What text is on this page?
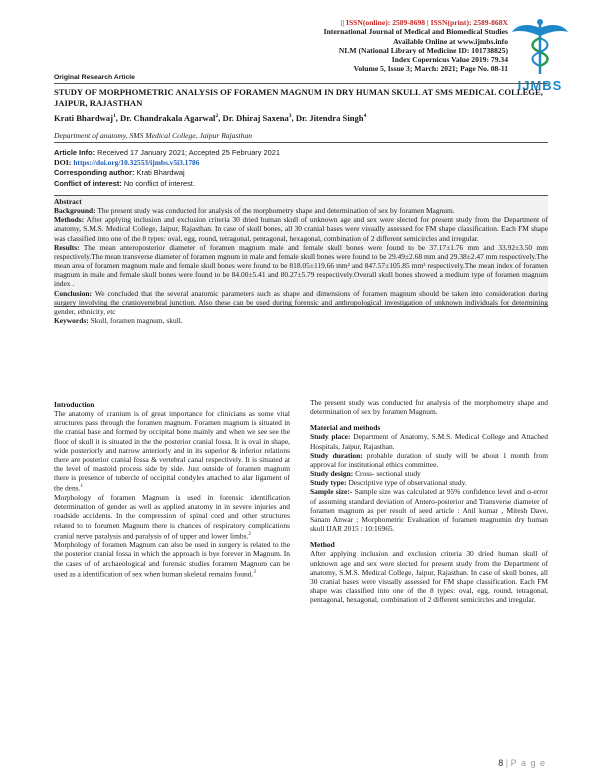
|| ISSN(online): 2589-8698 | ISSN(print): 2589-868X
International Journal of Medical and Biomedical Studies
Available Online at www.ijmbs.info
NLM (National Library of Medicine ID: 101738825)
Index Copernicus Value 2019: 79.34
Volume 5, Issue 3; March: 2021; Page No. 08-11
IJMBS
Original Research Article
STUDY OF MORPHOMETRIC ANALYSIS OF FORAMEN MAGNUM IN DRY HUMAN SKULL AT SMS MEDICAL COLLEGE, JAIPUR, RAJASTHAN
Krati Bhardwaj$^1$, Dr. Chandrakala Agarwal$^2$, Dr. Dhiraj Saxena$^3$, Dr. Jitendra Singh$^4$
Department of anatomy, SMS Medical College, Jaipur Rajasthan
Article Info: Received 17 January 2021; Accepted 25 February 2021
DOI: https://doi.org/10.32553/ijmbs.v5i3.1786
Corresponding author: Krati Bhardwaj
Conflict of interest: No conflict of interest.

Abstract

Background: The present study was conducted for analysis of the morphometry shape and determination of sex by foramen Magnum.

Methods: After applying inclusion and exclusion criteria 30 dried human skull of unknown age and sex were slected for present study from the Department of anatomy, S.M.S. Medical College, Jaipur, Rajasthan. In case of skull bones, all 30 cranial bases were visually assessed for FM shape classification. Each FM shape was classified into one of the 8 types: oval, egg, round, tetragonal, pentagonal, hexagonal, combination of 2 different semicircles and irregular.

Results: The mean anteroposterior diameter of foramen magnum male and female skull bones were found to be 37.17±1.76 mm and 33.92±3.50 mm respectively.The mean transverse diameter of foramen mgnum in male and female skull bones were found to be 29.49±2.68 mm and 29.38±2.47 mm respectively.The mean area of foramen magnum male and female skull bones were found to be 818.05±119.66 mm² and 847.57±105.85 mm² respectively.The mean index of foramen magnum in male and female skull bones were found to be 84.00±5.41 and 80.27±5.79 respectively.Overall skull bones showed a medium type of foramen magnum index .

Conclusion: We concluded that the several anatomic parameters such as shape and dimensions of foramen magnum should be taken into consideration during surgery involving the craniovertebral junction. Also these can be used during forensic and anthropological investigation of unknown individuals for determining gender, ethnicity, etc

Keywords: Skull, foramen magnum, skull.

Introduction

The anatomy of cranium is of great importance for clinicians as some vital structures pass through the foramen magnum. Foramen magnum is situated in the cranial base and formed by occipital bone mainly and when we see see the floor of skull it is situated in the the posterior cranial fossa. It is oval in shape, wide posteriorly and narrow anteriorly and in its superior & inferior relations there are posterior cranial fossa & vertebral canal respectively. It is situated at the level of mastoid process side by side. Just outside of foramen magnum there is presence of tubercle of occipital condyles attached to alar ligament of the dens.$^1$

Morphology of foramen Magnum is used in forensic identification determination of gender as well as applied anatomy in in severe injuries and roadside accidents. In the compression of spinal cord and other structures related to to forumen Magnum there is chances of respiratory complications cranial nerve paralysis and paralysis of of upper and lower limbs.$^2$

Morphology of foramen Magnum can also be used in surgery is related to the the posterior cranial fossa in which the approach is bye forever in Magnum. In the cases of of archaeological and forensic studies foramen Magnum can be used as a identification of sex when human skeletal remains found.$^3$

The present study was conducted for analysis of the morphometry shape and determination of sex by foramen Magnum.

Material and methods

Study place: Department of Anatomy, S.M.S. Medical College and Attached Hospitals, Jaipur, Rajasthan.

Study duration: probable duration of study will be about 1 month from approval for institutional ethics committee.

Study design: Cross- sectional study

Study type: Descriptive type of observational study.

Sample size:- Sample size was calculated at 95% confidence level and α-error of assuming standard deviation of Antero-posterior and Transverse diameter of foramen magnum as per result of seed article : Anil kumar , Mitesh Dave, Sanam Anwar ; Morphometric Evaluation of foramen magnumin dry human skull IJAR 2015 : 10:16965.

Method

After applying inclusion and exclusion criteria 30 dried human skull of unknown age and sex were slected for present study from the Department of anatomy, S.M.S. Medical College, Jaipur, Rajasthan. In case of skull bones, all 30 cranial bases were visually assessed for FM shape classification. Each FM shape was classified into one of the 8 types: oval, egg, round, tetragonal, pentagonal, hexagonal, combination of 2 different semicircles and irregular.

8 | P a g e
